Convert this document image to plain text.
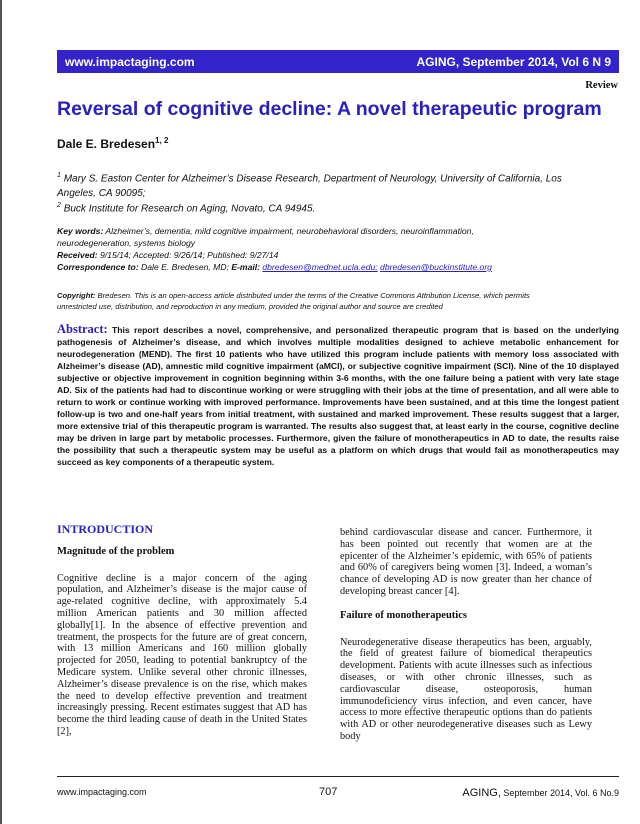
www.impactaging.com	AGING, September 2014, Vol 6 N 9
Review
Reversal of cognitive decline: A novel therapeutic program
Dale E. Bredesen$^{1, 2}$
$^1$ Mary S. Easton Center for Alzheimer’s Disease Research, Department of Neurology, University of California, Los
Angeles, CA 90095;
$^2$ Buck Institute for Research on Aging, Novato, CA 94945.
Key words: Alzheimer’s, dementia, mild cognitive impairment, neurobehavioral disorders, neuroinflammation,
neurodegeneration, systems biology
Received: 9/15/14; Accepted: 9/26/14; Published: 9/27/14
Correspondence to: Dale E. Bredesen, MD; E-mail: dbredesen@mednet.ucla.edu; dbredesen@buckinstitute.org
Copyright: Bredesen. This is an open-access article distributed under the terms of the Creative Commons Attribution License, which permits
unrestricted use, distribution, and reproduction in any medium, provided the original author and source are credited
Abstract: This report describes a novel, comprehensive, and personalized therapeutic program that is based on the underlying pathogenesis of Alzheimer’s disease, and which involves multiple modalities designed to achieve metabolic enhancement for neurodegeneration (MEND). The first 10 patients who have utilized this program include patients with memory loss associated with Alzheimer’s disease (AD), amnestic mild cognitive impairment (aMCI), or subjective cognitive impairment (SCI). Nine of the 10 displayed subjective or objective improvement in cognition beginning within 3-6 months, with the one failure being a patient with very late stage AD. Six of the patients had had to discontinue working or were struggling with their jobs at the time of presentation, and all were able to return to work or continue working with improved performance. Improvements have been sustained, and at this time the longest patient follow-up is two and one-half years from initial treatment, with sustained and marked improvement. These results suggest that a larger, more extensive trial of this therapeutic program is warranted. The results also suggest that, at least early in the course, cognitive decline may be driven in large part by metabolic processes. Furthermore, given the failure of monotherapeutics in AD to date, the results raise the possibility that such a therapeutic system may be useful as a platform on which drugs that would fail as monotherapeutics may succeed as key components of a therapeutic system.
INTRODUCTION
Magnitude of the problem

Cognitive decline is a major concern of the aging population, and Alzheimer’s disease is the major cause of age-related cognitive decline, with approximately 5.4 million American patients and 30 million affected globally[1]. In the absence of effective prevention and treatment, the prospects for the future are of great concern, with 13 million Americans and 160 million globally projected for 2050, leading to potential bankruptcy of the Medicare system. Unlike several other chronic illnesses, Alzheimer’s disease prevalence is on the rise, which makes the need to develop effective prevention and treatment increasingly pressing. Recent estimates suggest that AD has become the third leading cause of death in the United States [2],

behind cardiovascular disease and cancer. Furthermore, it has been pointed out recently that women are at the epicenter of the Alzheimer’s epidemic, with 65% of patients and 60% of caregivers being women [3]. Indeed, a woman’s chance of developing AD is now greater than her chance of developing breast cancer [4].

Failure of monotherapeutics

Neurodegenerative disease therapeutics has been, arguably, the field of greatest failure of biomedical therapeutics development. Patients with acute illnesses such as infectious diseases, or with other chronic illnesses, such as cardiovascular disease, osteoporosis, human immunodeficiency virus infection, and even cancer, have access to more effective therapeutic options than do patients with AD or other neurodegenerative diseases such as Lewy body

www.impactaging.com	707	AGING, September 2014, Vol. 6 No.9
